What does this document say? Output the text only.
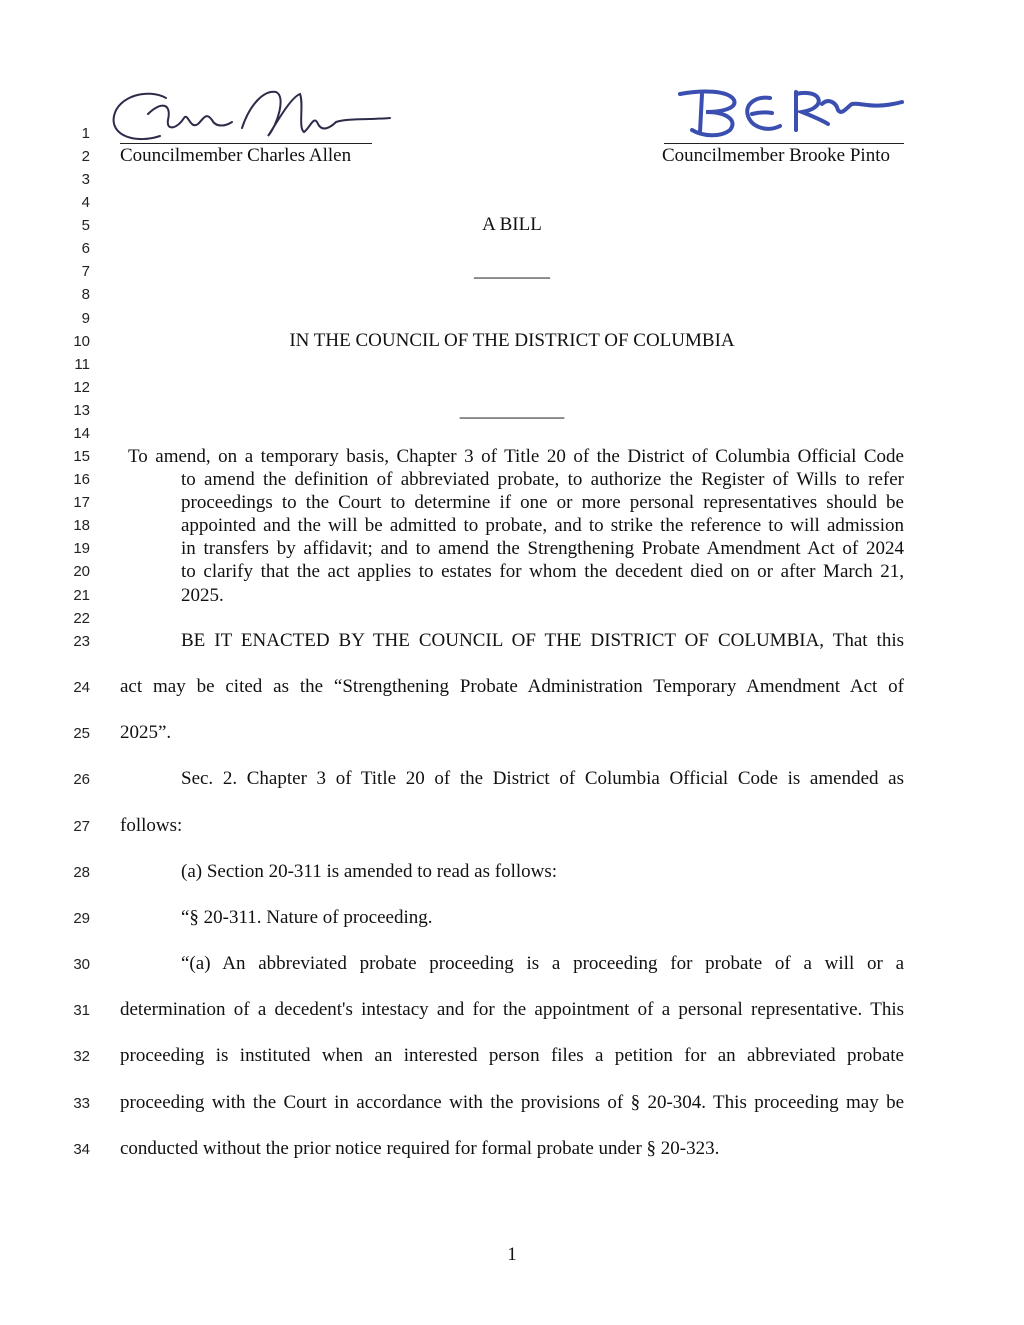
1
2
3
4
5
6
7
8
9
10
11
12
13
14
15
16
17
18
19
20
21
22
23
24
25
26
27
28
29
30
31
32
33
34
Councilmember Charles Allen	Councilmember Brooke Pinto
A BILL
________
IN THE COUNCIL OF THE DISTRICT OF COLUMBIA
___________
To amend, on a temporary basis, Chapter 3 of Title 20 of the District of Columbia Official Code
to amend the definition of abbreviated probate, to authorize the Register of Wills to refer
proceedings to the Court to determine if one or more personal representatives should be
appointed and the will be admitted to probate, and to strike the reference to will admission
in transfers by affidavit; and to amend the Strengthening Probate Amendment Act of 2024
to clarify that the act applies to estates for whom the decedent died on or after March 21,
2025.
BE IT ENACTED BY THE COUNCIL OF THE DISTRICT OF COLUMBIA, That this
act may be cited as the “Strengthening Probate Administration Temporary Amendment Act of
2025”.
Sec. 2. Chapter 3 of Title 20 of the District of Columbia Official Code is amended as
follows:
(a) Section 20-311 is amended to read as follows:
“§ 20-311. Nature of proceeding.
“(a) An abbreviated probate proceeding is a proceeding for probate of a will or a
determination of a decedent's intestacy and for the appointment of a personal representative. This
proceeding is instituted when an interested person files a petition for an abbreviated probate
proceeding with the Court in accordance with the provisions of § 20-304. This proceeding may be
conducted without the prior notice required for formal probate under § 20-323.
1
